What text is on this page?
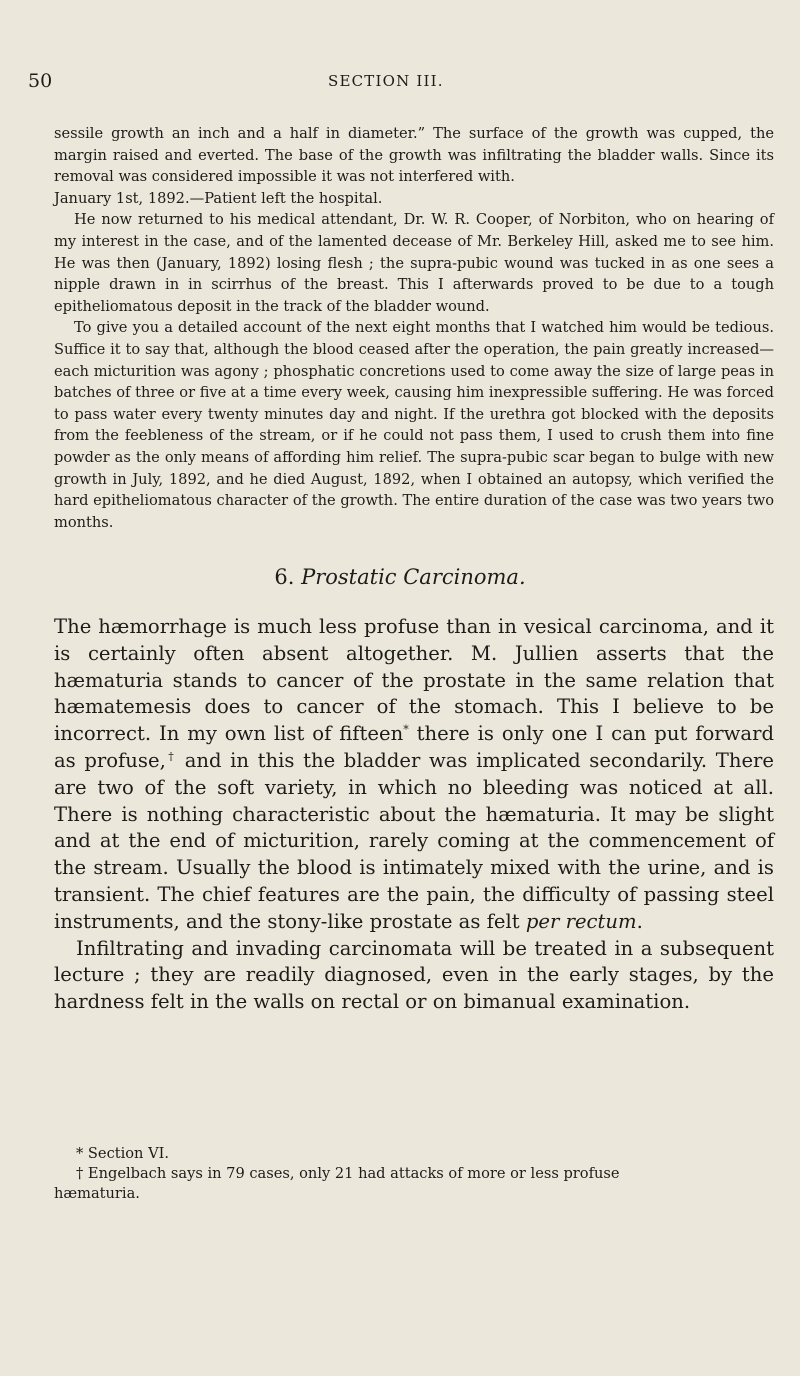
50	SECTION III.

sessile growth an inch and a half in diameter.” The surface of the growth was cupped, the margin raised and everted. The base of the growth was infiltrating the bladder walls. Since its removal was considered impossible it was not interfered with.

January 1st, 1892.—Patient left the hospital.

He now returned to his medical attendant, Dr. W. R. Cooper, of Norbiton, who on hearing of my interest in the case, and of the lamented decease of Mr. Berkeley Hill, asked me to see him. He was then (January, 1892) losing flesh ; the supra-pubic wound was tucked in as one sees a nipple drawn in in scirrhus of the breast. This I afterwards proved to be due to a tough epitheliomatous deposit in the track of the bladder wound.

To give you a detailed account of the next eight months that I watched him would be tedious. Suffice it to say that, although the blood ceased after the operation, the pain greatly increased—each micturition was agony ; phosphatic concretions used to come away the size of large peas in batches of three or five at a time every week, causing him inexpressible suffering. He was forced to pass water every twenty minutes day and night. If the urethra got blocked with the deposits from the feebleness of the stream, or if he could not pass them, I used to crush them into fine powder as the only means of affording him relief. The supra-pubic scar began to bulge with new growth in July, 1892, and he died August, 1892, when I obtained an autopsy, which verified the hard epitheliomatous character of the growth. The entire duration of the case was two years two months.

6. Prostatic Carcinoma.

The hæmorrhage is much less profuse than in vesical carcinoma, and it is certainly often absent altogether. M. Jullien asserts that the hæmaturia stands to cancer of the prostate in the same relation that hæmatemesis does to cancer of the stomach. This I believe to be incorrect. In my own list of fifteen* there is only one I can put forward as profuse,† and in this the bladder was implicated secondarily. There are two of the soft variety, in which no bleeding was noticed at all. There is nothing characteristic about the hæmaturia. It may be slight and at the end of micturition, rarely coming at the commencement of the stream. Usually the blood is intimately mixed with the urine, and is transient. The chief features are the pain, the difficulty of passing steel instruments, and the stony-like prostate as felt per rectum.

Infiltrating and invading carcinomata will be treated in a subsequent lecture ; they are readily diagnosed, even in the early stages, by the hardness felt in the walls on rectal or on bimanual examination.

* Section VI.

† Engelbach says in 79 cases, only 21 had attacks of more or less profuse

hæmaturia.
